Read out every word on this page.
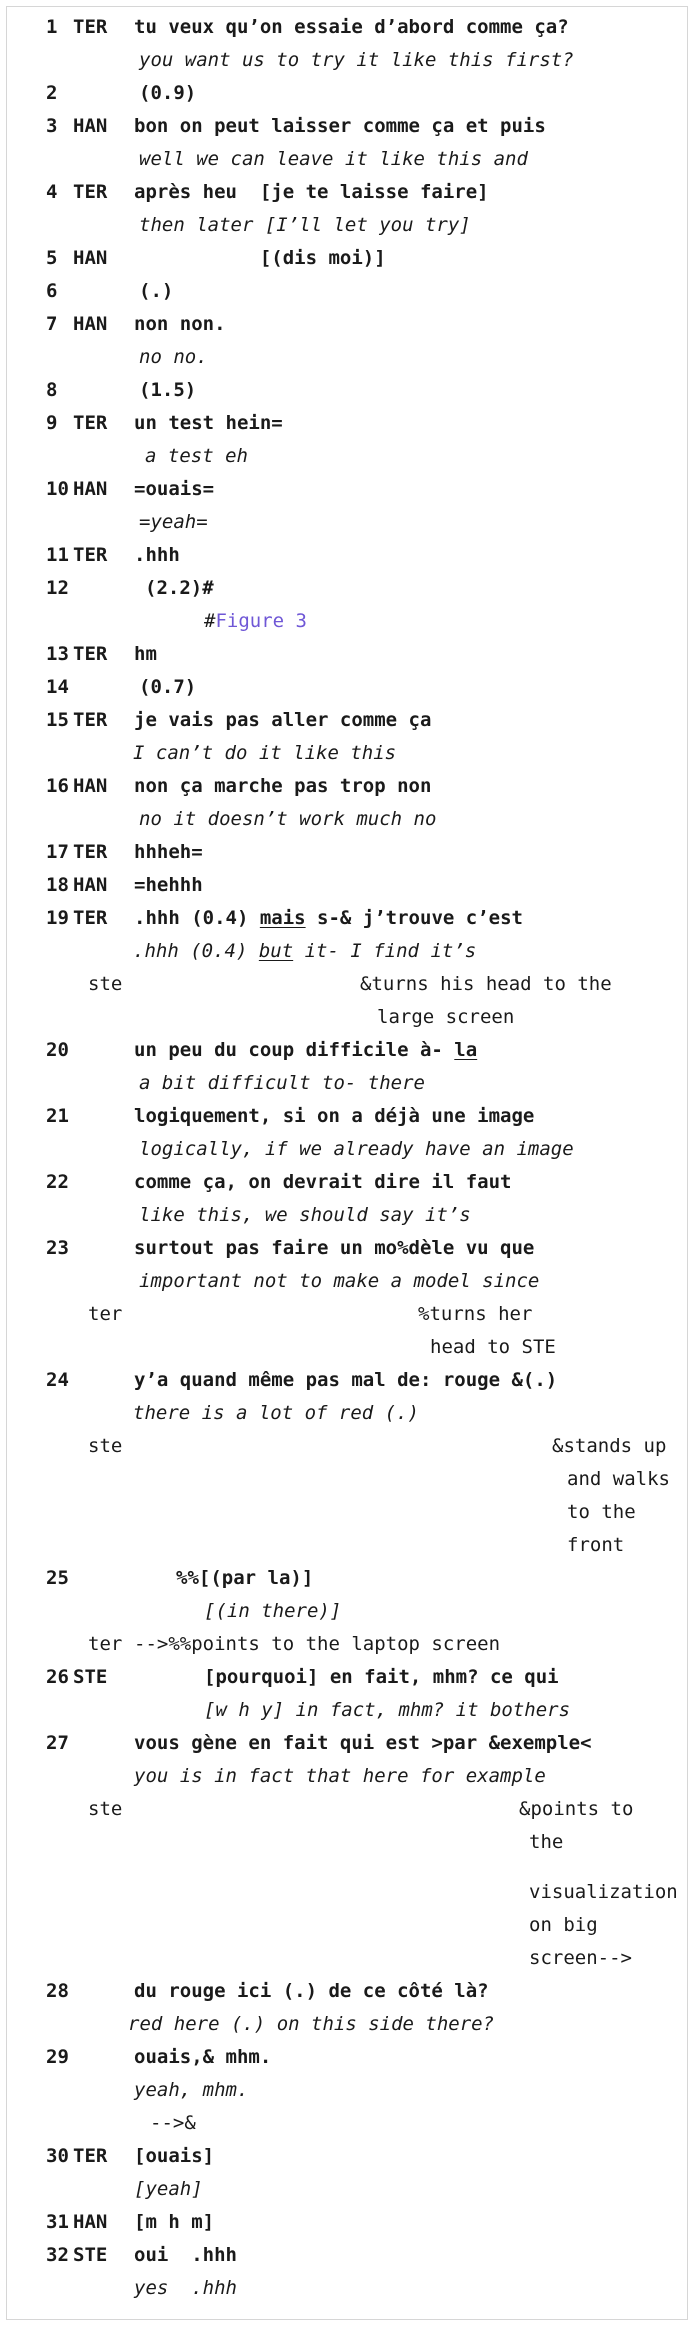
1 TER tu veux qu’on essaie d’abord comme ça?
you want us to try it like this first?
2	(0.9)
3 HAN bon on peut laisser comme ça et puis
well we can leave it like this and
4 TER après heu  [je te laisse faire]
then later [I’ll let you try]
5 HAN [(dis moi)]
6	(.)
7 HAN non non.
no no.
8	(1.5)
9 TER un test hein=
a test eh
10 HAN =ouais=
=yeah=
11 TER .hhh
12	(2.2)#
#Figure 3
13 TER hm
14	(0.7)
15 TER je vais pas aller comme ça
I can’t do it like this
16 HAN non ça marche pas trop non
no it doesn’t work much no
17 TER hhheh=
18 HAN =hehhh
19 TER .hhh (0.4) mais s-& j’trouve c’est
.hhh (0.4) but it- I find it’s
ste	&turns his head to the
large screen
20	un peu du coup difficile à- la
a bit difficult to- there
21	logiquement, si on a déjà une image
logically, if we already have an image
22	comme ça, on devrait dire il faut
like this, we should say it’s
23	surtout pas faire un mo%dèle vu que
important not to make a model since
ter	%turns her
head to STE
24	y’a quand même pas mal de: rouge &(.)
there is a lot of red (.)
ste	&stands up
and walks
to the
front
25	%%[(par la)]
[(in there)]
ter -->%%points to the laptop screen
26 STE	[pourquoi] en fait, mhm? ce qui
[w h y] in fact, mhm? it bothers
27	vous gène en fait qui est >par &exemple<
you is in fact that here for example
ste	&points to
the
visualization
on big
screen-->
28	du rouge ici (.) de ce côté là?
red here (.) on this side there?
29	ouais,& mhm.
yeah, mhm.
-->&
30 TER [ouais]
[yeah]
31 HAN [m h m]
32 STE oui  .hhh
yes  .hhh
